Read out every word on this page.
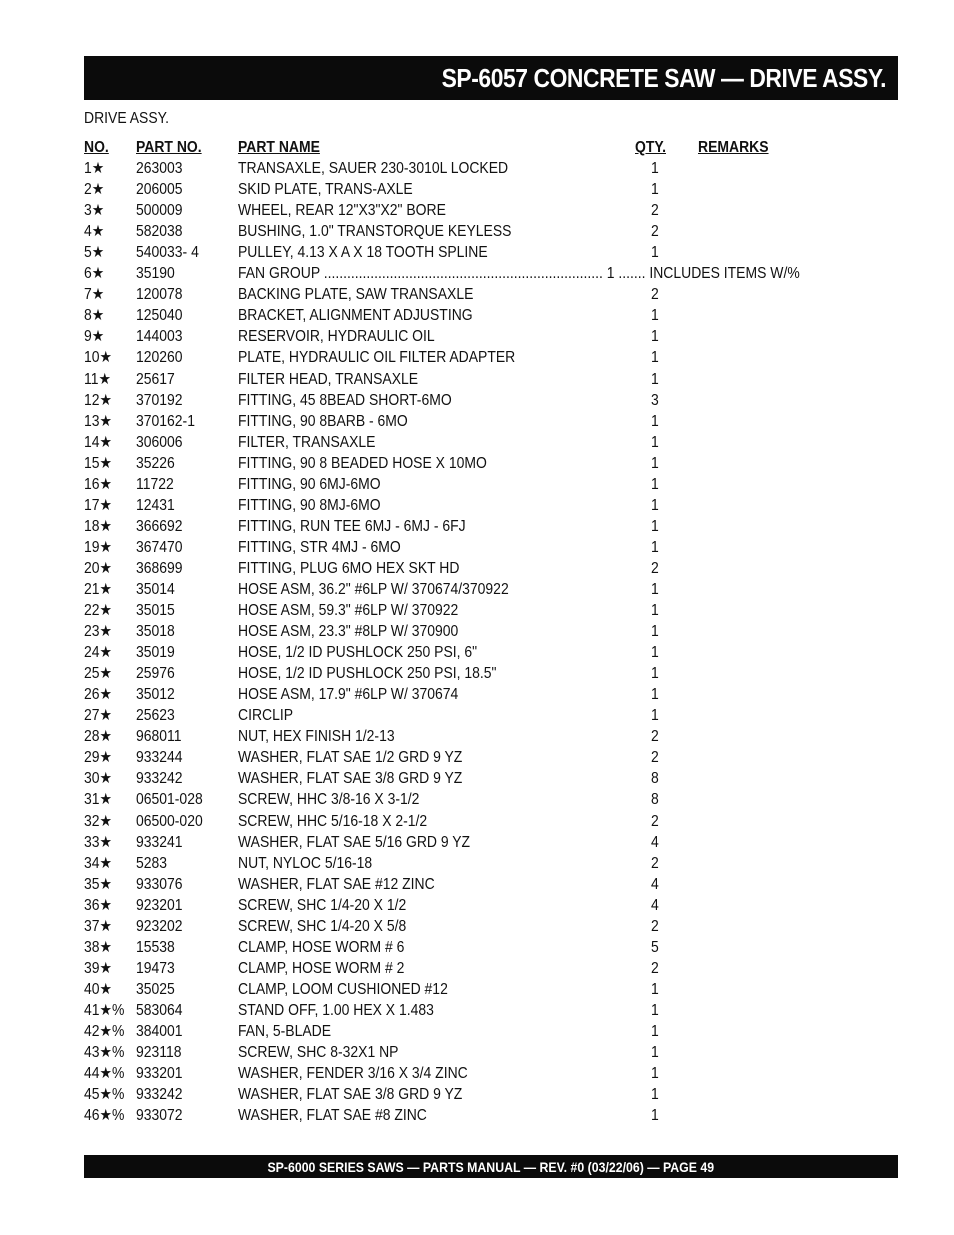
SP-6057 CONCRETE SAW — DRIVE ASSY.
DRIVE ASSY.
NO. PART NO. PART NAME	QTY. REMARKS
1★ 263003	TRANSAXLE, SAUER 230-3010L LOCKED	1
2★ 206005	SKID PLATE, TRANS-AXLE	1
3★ 500009	WHEEL, REAR 12"X3"X2" BORE	2
4★ 582038	BUSHING, 1.0" TRANSTORQUE KEYLESS	2
5★ 540033- 4	PULLEY, 4.13 X A X 18 TOOTH SPLINE	1
6★ 35190	FAN GROUP ........................................................................ 1 ....... INCLUDES ITEMS W/%
7★ 120078	BACKING PLATE, SAW TRANSAXLE	2
8★ 125040	BRACKET, ALIGNMENT ADJUSTING	1
9★ 144003	RESERVOIR, HYDRAULIC OIL	1
10★ 120260	PLATE, HYDRAULIC OIL FILTER ADAPTER	1
11★ 25617	FILTER HEAD, TRANSAXLE	1
12★ 370192	FITTING, 45 8BEAD SHORT-6MO	3
13★ 370162-1	FITTING, 90 8BARB - 6MO	1
14★ 306006	FILTER, TRANSAXLE	1
15★ 35226	FITTING, 90 8 BEADED HOSE X 10MO	1
16★ 11722	FITTING, 90 6MJ-6MO	1
17★ 12431	FITTING, 90 8MJ-6MO	1
18★ 366692	FITTING, RUN TEE 6MJ - 6MJ - 6FJ	1
19★ 367470	FITTING, STR 4MJ - 6MO	1
20★ 368699	FITTING, PLUG 6MO HEX SKT HD	2
21★ 35014	HOSE ASM, 36.2" #6LP W/ 370674/370922	1
22★ 35015	HOSE ASM, 59.3" #6LP W/ 370922	1
23★ 35018	HOSE ASM, 23.3" #8LP W/ 370900	1
24★ 35019	HOSE, 1/2 ID PUSHLOCK 250 PSI, 6"	1
25★ 25976	HOSE, 1/2 ID PUSHLOCK 250 PSI, 18.5"	1
26★ 35012	HOSE ASM, 17.9" #6LP W/ 370674	1
27★ 25623	CIRCLIP	1
28★ 968011	NUT, HEX FINISH 1/2-13	2
29★ 933244	WASHER, FLAT SAE 1/2 GRD 9 YZ	2
30★ 933242	WASHER, FLAT SAE 3/8 GRD 9 YZ	8
31★ 06501-028 SCREW, HHC 3/8-16 X 3-1/2	8
32★ 06500-020 SCREW, HHC 5/16-18 X 2-1/2	2
33★ 933241	WASHER, FLAT SAE 5/16 GRD 9 YZ	4
34★ 5283	NUT, NYLOC 5/16-18	2
35★ 933076	WASHER, FLAT SAE #12 ZINC	4
36★ 923201	SCREW, SHC 1/4-20 X 1/2	4
37★ 923202	SCREW, SHC 1/4-20 X 5/8	2
38★ 15538	CLAMP, HOSE WORM # 6	5
39★ 19473	CLAMP, HOSE WORM # 2	2
40★ 35025	CLAMP, LOOM CUSHIONED #12	1
41★% 583064	STAND OFF, 1.00 HEX X 1.483	1
42★% 384001	FAN, 5-BLADE	1
43★% 923118	SCREW, SHC 8-32X1 NP	1
44★% 933201	WASHER, FENDER 3/16 X 3/4 ZINC	1
45★% 933242	WASHER, FLAT SAE 3/8 GRD 9 YZ	1
46★% 933072	WASHER, FLAT SAE #8 ZINC	1
SP-6000 SERIES SAWS — PARTS MANUAL — REV. #0 (03/22/06) — PAGE 49
